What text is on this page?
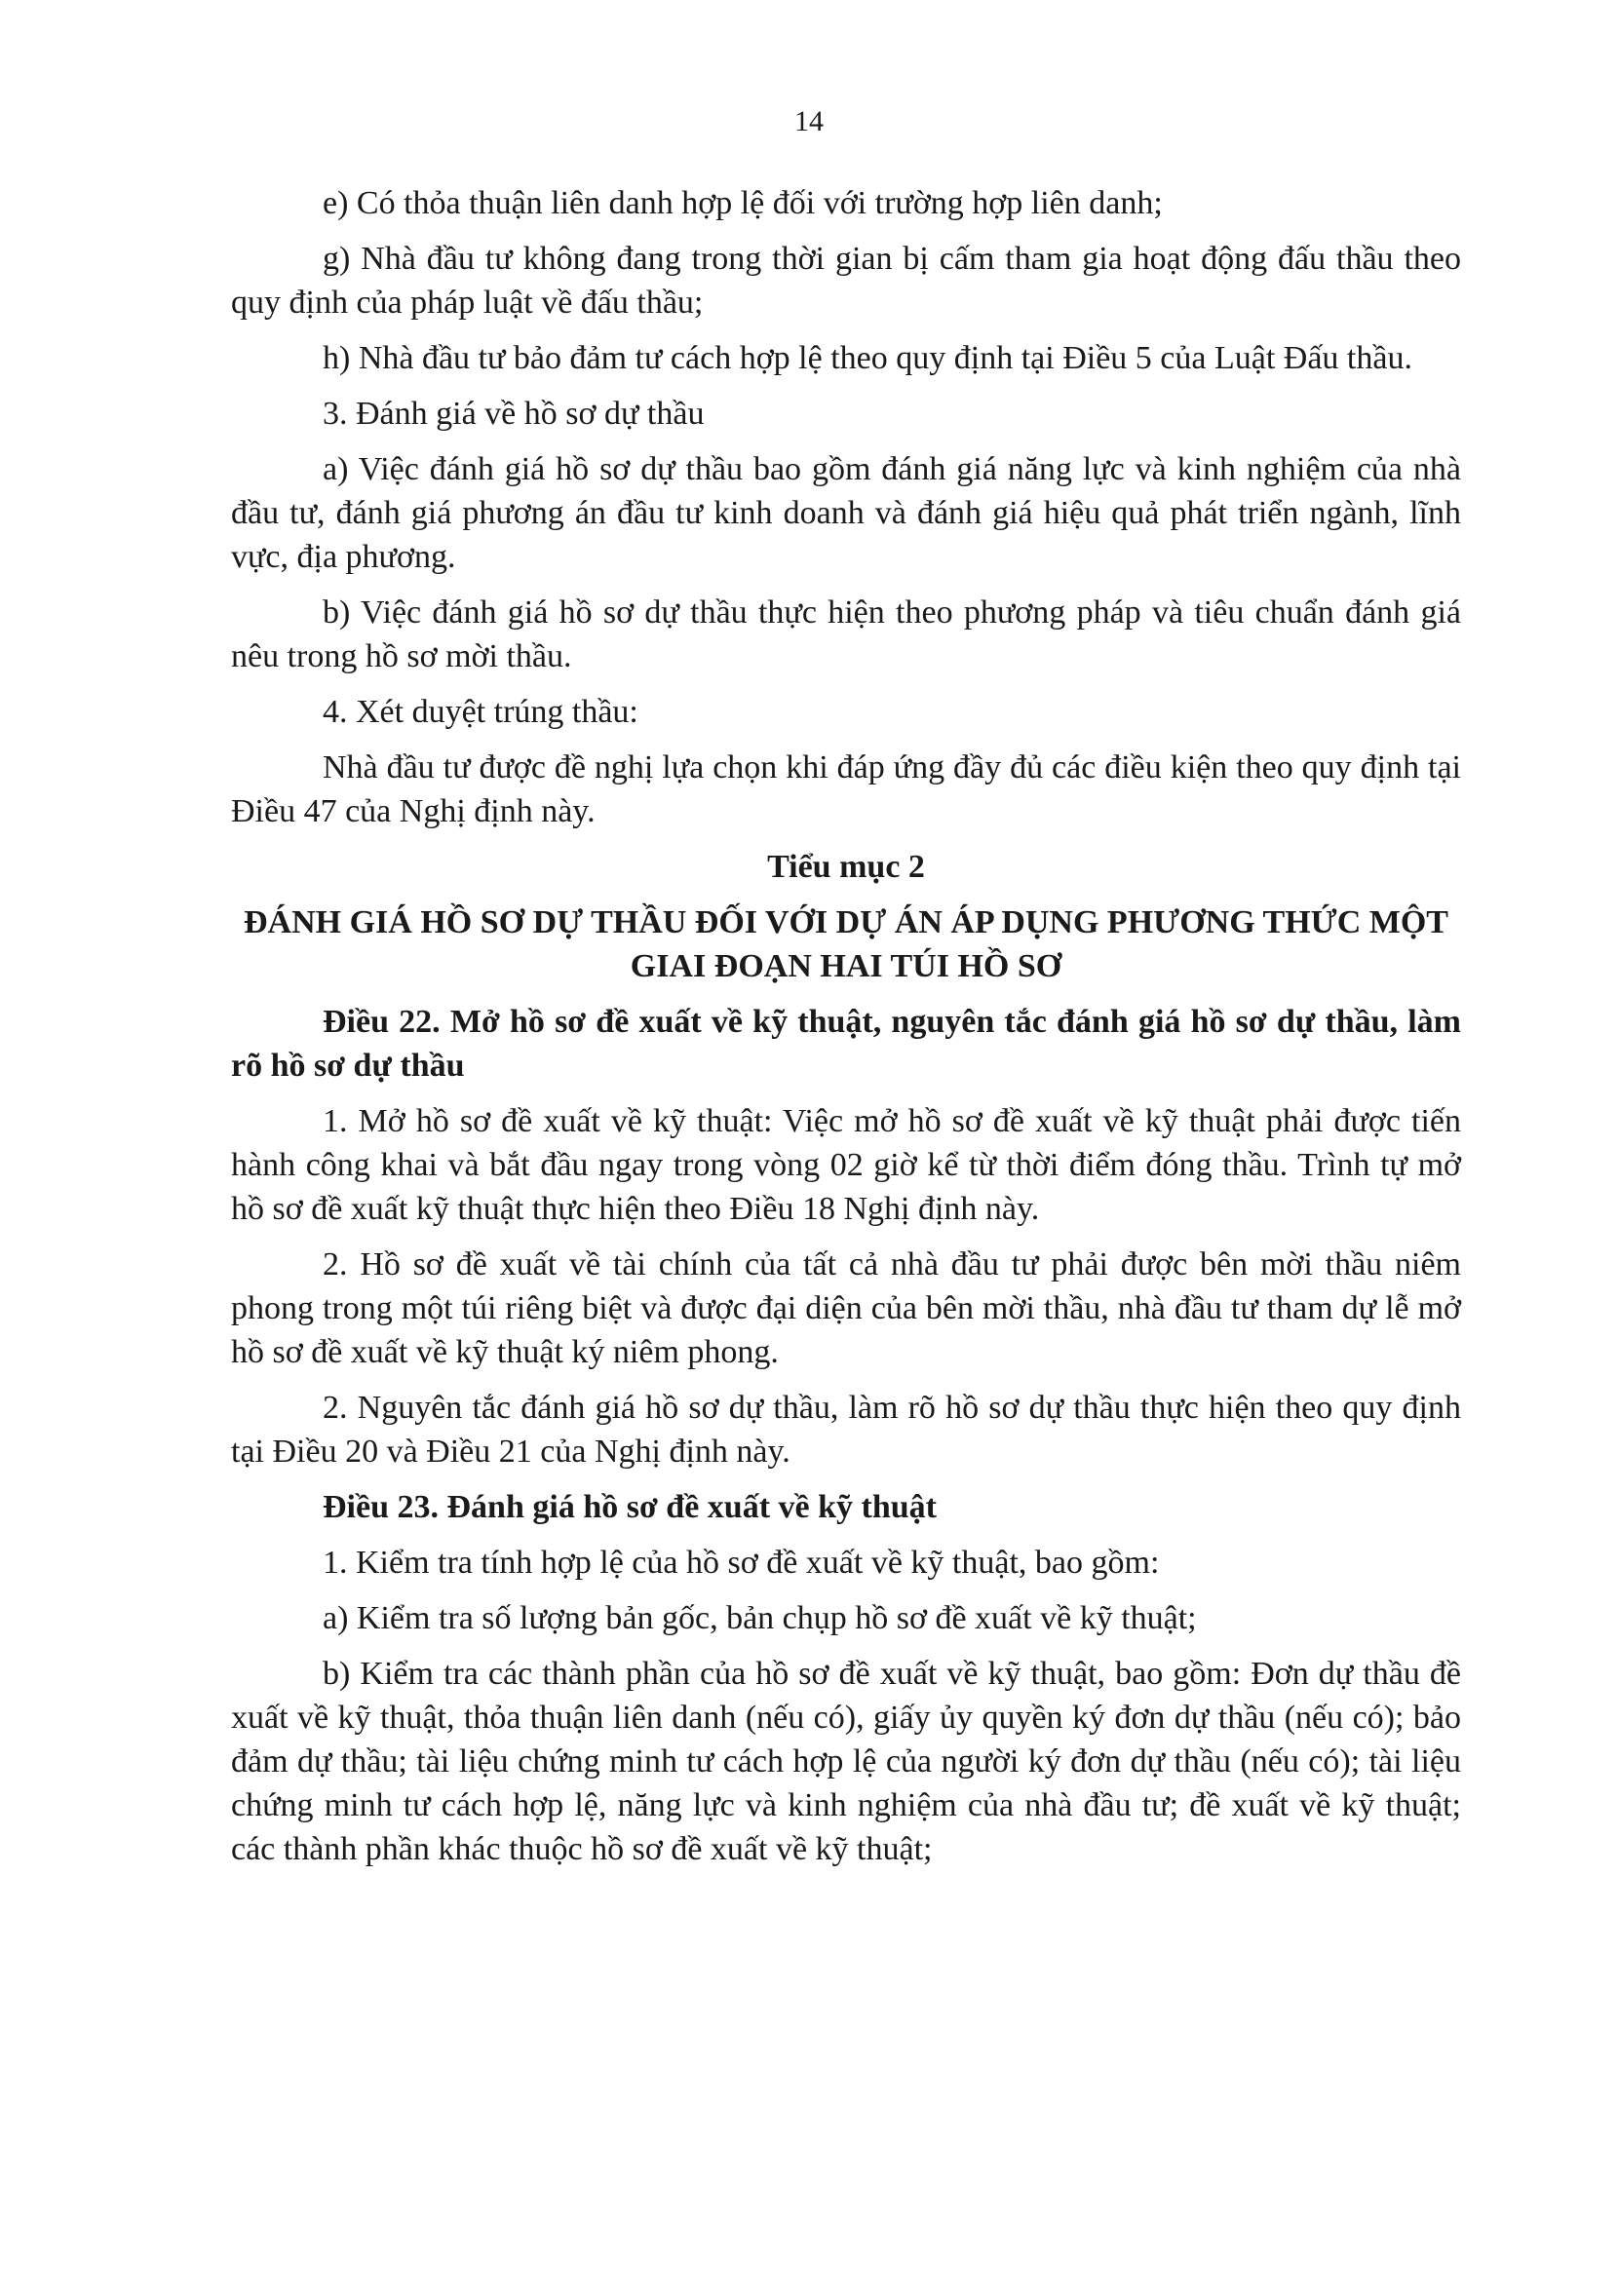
14

e) Có thỏa thuận liên danh hợp lệ đối với trường hợp liên danh;

g) Nhà đầu tư không đang trong thời gian bị cấm tham gia hoạt động đấu thầu theo quy định của pháp luật về đấu thầu;

h) Nhà đầu tư bảo đảm tư cách hợp lệ theo quy định tại Điều 5 của Luật Đấu thầu.

3. Đánh giá về hồ sơ dự thầu

a) Việc đánh giá hồ sơ dự thầu bao gồm đánh giá năng lực và kinh nghiệm của nhà đầu tư, đánh giá phương án đầu tư kinh doanh và đánh giá hiệu quả phát triển ngành, lĩnh vực, địa phương.

b) Việc đánh giá hồ sơ dự thầu thực hiện theo phương pháp và tiêu chuẩn đánh giá nêu trong hồ sơ mời thầu.

4. Xét duyệt trúng thầu:

Nhà đầu tư được đề nghị lựa chọn khi đáp ứng đầy đủ các điều kiện theo quy định tại Điều 47 của Nghị định này.

Tiểu mục 2

ĐÁNH GIÁ HỒ SƠ DỰ THẦU ĐỐI VỚI DỰ ÁN ÁP DỤNG PHƯƠNG THỨC MỘT GIAI ĐOẠN HAI TÚI HỒ SƠ

Điều 22. Mở hồ sơ đề xuất về kỹ thuật, nguyên tắc đánh giá hồ sơ dự thầu, làm rõ hồ sơ dự thầu

1. Mở hồ sơ đề xuất về kỹ thuật: Việc mở hồ sơ đề xuất về kỹ thuật phải được tiến hành công khai và bắt đầu ngay trong vòng 02 giờ kể từ thời điểm đóng thầu. Trình tự mở hồ sơ đề xuất kỹ thuật thực hiện theo Điều 18 Nghị định này.

2. Hồ sơ đề xuất về tài chính của tất cả nhà đầu tư phải được bên mời thầu niêm phong trong một túi riêng biệt và được đại diện của bên mời thầu, nhà đầu tư tham dự lễ mở hồ sơ đề xuất về kỹ thuật ký niêm phong.

2. Nguyên tắc đánh giá hồ sơ dự thầu, làm rõ hồ sơ dự thầu thực hiện theo quy định tại Điều 20 và Điều 21 của Nghị định này.

Điều 23. Đánh giá hồ sơ đề xuất về kỹ thuật

1. Kiểm tra tính hợp lệ của hồ sơ đề xuất về kỹ thuật, bao gồm:

a) Kiểm tra số lượng bản gốc, bản chụp hồ sơ đề xuất về kỹ thuật;

b) Kiểm tra các thành phần của hồ sơ đề xuất về kỹ thuật, bao gồm: Đơn dự thầu đề xuất về kỹ thuật, thỏa thuận liên danh (nếu có), giấy ủy quyền ký đơn dự thầu (nếu có); bảo đảm dự thầu; tài liệu chứng minh tư cách hợp lệ của người ký đơn dự thầu (nếu có); tài liệu chứng minh tư cách hợp lệ, năng lực và kinh nghiệm của nhà đầu tư; đề xuất về kỹ thuật; các thành phần khác thuộc hồ sơ đề xuất về kỹ thuật;
